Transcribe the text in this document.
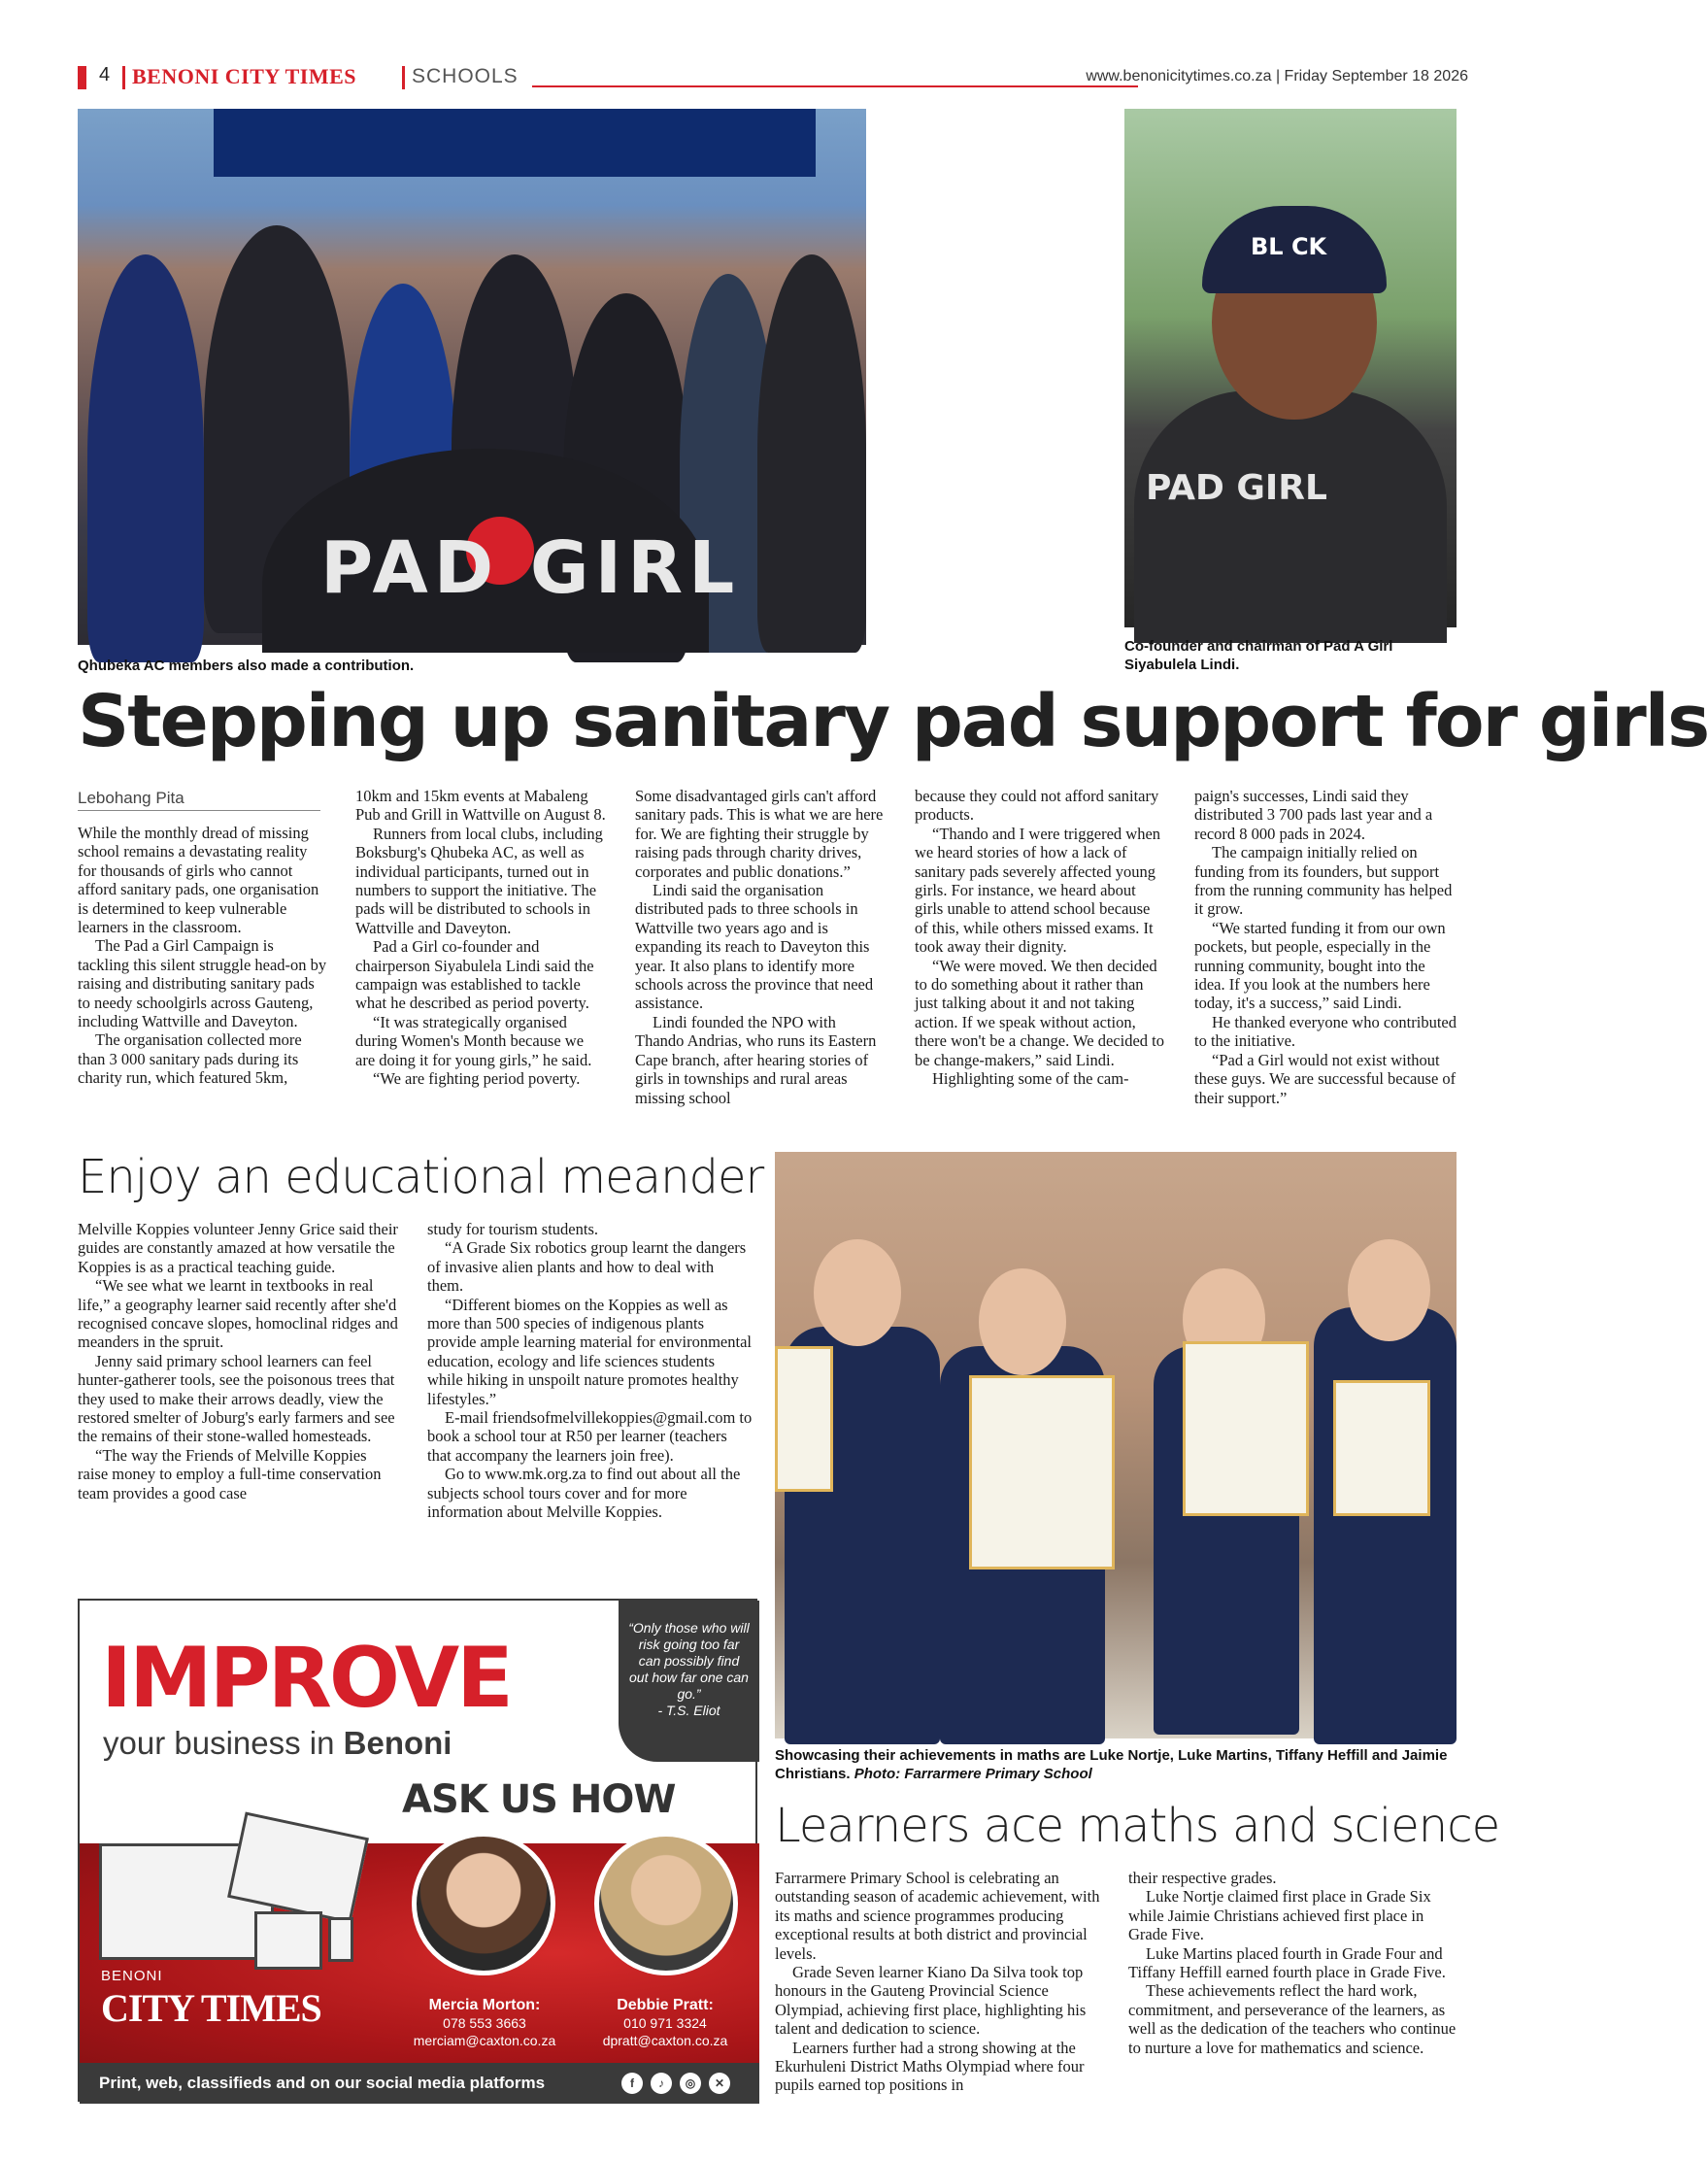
4 BENONI CITY TIMES	SCHOOLS	www.benonicitytimes.co.za | Friday September 18 2026
PAD GIRL
Qhubeka AC members also made a contribution.
BL CK
PAD GIRL
Co-founder and chairman of Pad A Girl Siyabulela Lindi.
Stepping up sanitary pad support for girls
Lebohang Pita

While the monthly dread of missing school remains a devastating reality for thousands of girls who cannot afford sanitary pads, one organisation is determined to keep vulnerable learners in the classroom.

The Pad a Girl Campaign is tackling this silent struggle head-on by raising and distributing sanitary pads to needy schoolgirls across Gauteng, including Wattville and Daveyton.

The organisation collected more than 3 000 sanitary pads during its charity run, which featured 5km,

10km and 15km events at Mabaleng Pub and Grill in Wattville on August 8.

Runners from local clubs, including Boksburg's Qhubeka AC, as well as individual participants, turned out in numbers to support the initiative. The pads will be distributed to schools in Wattville and Daveyton.

Pad a Girl co-founder and chairperson Siyabulela Lindi said the campaign was established to tackle what he described as period poverty.

“It was strategically organised during Women's Month because we are doing it for young girls,” he said.

“We are fighting period poverty.

Some disadvantaged girls can't afford sanitary pads. This is what we are here for. We are fighting their struggle by raising pads through charity drives, corporates and public donations.”

Lindi said the organisation distributed pads to three schools in Wattville two years ago and is expanding its reach to Daveyton this year. It also plans to identify more schools across the province that need assistance.

Lindi founded the NPO with Thando Andrias, who runs its Eastern Cape branch, after hearing stories of girls in townships and rural areas missing school

because they could not afford sanitary products.

“Thando and I were triggered when we heard stories of how a lack of sanitary pads severely affected young girls. For instance, we heard about girls unable to attend school because of this, while others missed exams. It took away their dignity.

“We were moved. We then decided to do something about it rather than just talking about it and not taking action. If we speak without action, there won't be a change. We decided to be change-makers,” said Lindi.

Highlighting some of the cam-

paign's successes, Lindi said they distributed 3 700 pads last year and a record 8 000 pads in 2024.

The campaign initially relied on funding from its founders, but support from the running community has helped it grow.

“We started funding it from our own pockets, but people, especially in the running community, bought into the idea. If you look at the numbers here today, it's a success,” said Lindi.

He thanked everyone who contributed to the initiative.

“Pad a Girl would not exist without these guys. We are successful because of their support.”

Enjoy an educational meander

Melville Koppies volunteer Jenny Grice said their guides are constantly amazed at how versatile the Koppies is as a practical teaching guide.

“We see what we learnt in textbooks in real life,” a geography learner said recently after she'd recognised concave slopes, homoclinal ridges and meanders in the spruit.

Jenny said primary school learners can feel hunter-gatherer tools, see the poisonous trees that they used to make their arrows deadly, view the restored smelter of Joburg's early farmers and see the remains of their stone-walled homesteads.

“The way the Friends of Melville Koppies raise money to employ a full-time conservation team provides a good case

study for tourism students.

“A Grade Six robotics group learnt the dangers of invasive alien plants and how to deal with them.

“Different biomes on the Koppies as well as more than 500 species of indigenous plants provide ample learning material for environmental education, ecology and life sciences students while hiking in unspoilt nature promotes healthy lifestyles.”

E-mail friendsofmelvillekoppies@gmail.com to book a school tour at R50 per learner (teachers that accompany the learners join free).

Go to www.mk.org.za to find out about all the subjects school tours cover and for more information about Melville Koppies.

Showcasing their achievements in maths are Luke Nortje, Luke Martins, Tiffany Heffill and Jaimie Christians. Photo: Farrarmere Primary School
Learners ace maths and science

Farrarmere Primary School is celebrating an outstanding season of academic achievement, with its maths and science programmes producing exceptional results at both district and provincial levels.

Grade Seven learner Kiano Da Silva took top honours in the Gauteng Provincial Science Olympiad, achieving first place, highlighting his talent and dedication to science.

Learners further had a strong showing at the Ekurhuleni District Maths Olympiad where four pupils earned top positions in

their respective grades.

Luke Nortje claimed first place in Grade Six while Jaimie Christians achieved first place in Grade Five.

Luke Martins placed fourth in Grade Four and Tiffany Heffill earned fourth place in Grade Five.

These achievements reflect the hard work, commitment, and perseverance of the learners, as well as the dedication of the teachers who continue to nurture a love for mathematics and science.

“Only those who will risk going too far can possibly find out how far one can go.”
- T.S. Eliot
IMPROVE
your business in Benoni
ASK US HOW
BENONI
CITY TIMES	Mercia Morton:
078 553 3663
merciam@caxton.co.za
Debbie Pratt:
010 971 3324
dpratt@caxton.co.za
Print, web, classifieds and on our social media platforms	f	♪	◎	✕
